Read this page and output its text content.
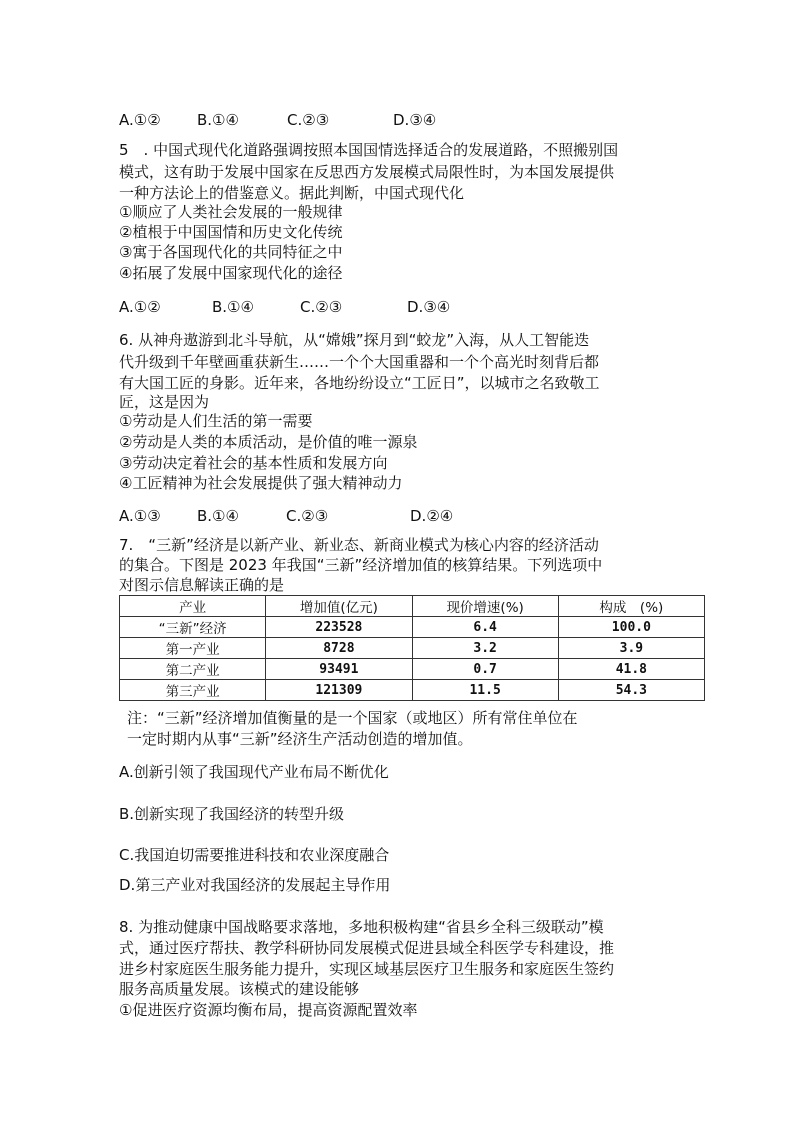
A.①② B.①④	C.②③	D.③④
5　. 中国式现代化道路强调按照本国国情选择适合的发展道路，不照搬别国
模式，这有助于发展中国家在反思西方发展模式局限性时，为本国发展提供
一种方法论上的借鉴意义。据此判断，中国式现代化
①顺应了人类社会发展的一般规律
②植根于中国国情和历史文化传统
③寓于各国现代化的共同特征之中
④拓展了发展中国家现代化的途径
A.①②	B.①④	C.②③	D.③④
6. 从神舟遨游到北斗导航，从“嫦娥”探月到“蛟龙”入海，从人工智能迭
代升级到千年壁画重获新生……一个个大国重器和一个个高光时刻背后都
有大国工匠的身影。近年来，各地纷纷设立“工匠日”，以城市之名致敬工
匠，这是因为
①劳动是人们生活的第一需要
②劳动是人类的本质活动，是价值的唯一源泉
③劳动决定着社会的基本性质和发展方向
④工匠精神为社会发展提供了强大精神动力
A.①③ B.①④	C.②③	D.②④
7.　“三新”经济是以新产业、新业态、新商业模式为核心内容的经济活动
的集合。下图是 2023 年我国“三新”经济增加值的核算结果。下列选项中
对图示信息解读正确的是
产业	增加值(亿元)	现价增速(%)	构成　(%)
“三新”经济	223528	6.4	100.0
第一产业	8728	3.2	3.9
第二产业	93491	0.7	41.8
第三产业	121309	11.5	54.3
注：“三新”经济增加值衡量的是一个国家（或地区）所有常住单位在
一定时期内从事“三新”经济生产活动创造的增加值。
A.创新引领了我国现代产业布局不断优化
B.创新实现了我国经济的转型升级
C.我国迫切需要推进科技和农业深度融合
D.第三产业对我国经济的发展起主导作用
8. 为推动健康中国战略要求落地，多地积极构建“省县乡全科三级联动”模
式，通过医疗帮扶、教学科研协同发展模式促进县域全科医学专科建设，推
进乡村家庭医生服务能力提升，实现区域基层医疗卫生服务和家庭医生签约
服务高质量发展。该模式的建设能够
①促进医疗资源均衡布局，提高资源配置效率
